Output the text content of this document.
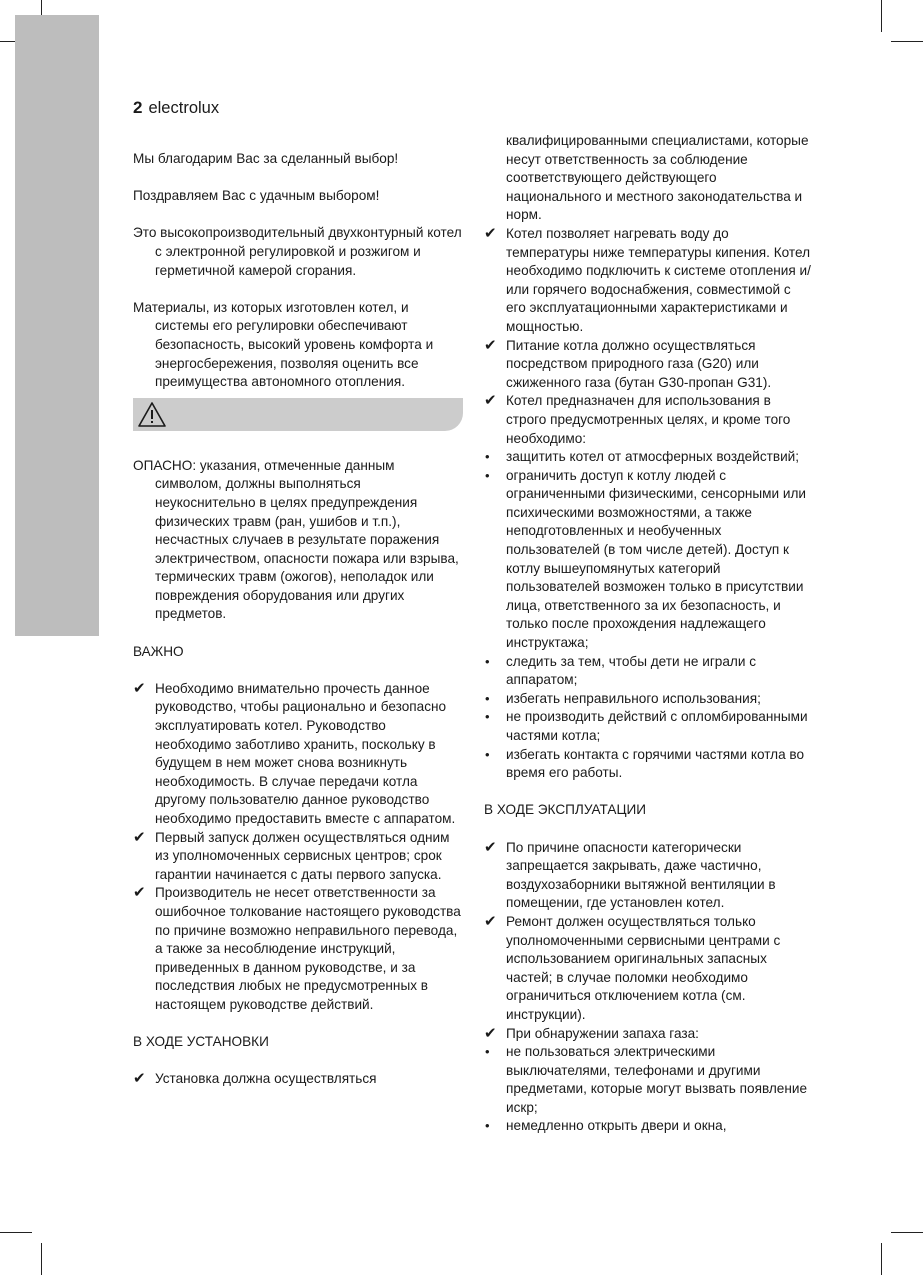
2 electrolux

Мы благодарим Вас за сделанный выбор!

Поздравляем Вас с удачным выбором!

Это высокопроизводительный двухконтурный котел с электронной регулировкой и розжигом и герметичной камерой сгорания.

Материалы, из которых изготовлен котел, и системы его регулировки обеспечивают безопасность, высокий уровень комфорта и энергосбережения, позволяя оценить все преимущества автономного отопления.

ОПАСНО: указания, отмеченные данным символом, должны выполняться неукоснительно в целях предупреждения физических травм (ран, ушибов и т.п.), несчастных случаев в результате поражения электричеством, опасности пожара или взрыва, термических травм (ожогов), неполадок или повреждения оборудования или других предметов.

ВАЖНО

✔ Необходимо внимательно прочесть данное руководство, чтобы рационально и безопасно эксплуатировать котел. Руководство необходимо заботливо хранить, поскольку в будущем в нем может снова возникнуть необходимость. В случае передачи котла другому пользователю данное руководство необходимо предоставить вместе с аппаратом.
✔ Первый запуск должен осуществляться одним из уполномоченных сервисных центров; срок гарантии начинается с даты первого запуска.
✔ Производитель не несет ответственности за ошибочное толкование настоящего руководства по причине возможно неправильного перевода, а также за несоблюдение инструкций, приведенных в данном руководстве, и за последствия любых не предусмотренных в настоящем руководстве действий.

В ХОДЕ УСТАНОВКИ

✔ Установка должна осуществляться
квалифицированными специалистами, которые несут ответственность за соблюдение соответствующего действующего национального и местного законодательства и норм.
✔ Котел позволяет нагревать воду до температуры ниже температуры кипения. Котел необходимо подключить к системе отопления и/или горячего водоснабжения, совместимой с его эксплуатационными характеристиками и мощностью.
✔ Питание котла должно осуществляться посредством природного газа (G20) или сжиженного газа (бутан G30-пропан G31).
✔ Котел предназначен для использования в строго предусмотренных целях, и кроме того необходимо:
•	защитить котел от атмосферных воздействий;
•	ограничить доступ к котлу людей с ограниченными физическими, сенсорными или психическими возможностями, а также неподготовленных и необученных пользователей (в том числе детей). Доступ к котлу вышеупомянутых категорий пользователей возможен только в присутствии лица, ответственного за их безопасность, и только после прохождения надлежащего инструктажа;
•	следить за тем, чтобы дети не играли с аппаратом;
•	избегать неправильного использования;
•	не производить действий с опломбированными частями котла;
•	избегать контакта с горячими частями котла во время его работы.

В ХОДЕ ЭКСПЛУАТАЦИИ

✔ По причине опасности категорически запрещается закрывать, даже частично, воздухозаборники вытяжной вентиляции в помещении, где установлен котел.
✔ Ремонт должен осуществляться только уполномоченными сервисными центрами с использованием оригинальных запасных частей; в случае поломки необходимо ограничиться отключением котла (см. инструкции).
✔ При обнаружении запаха газа:
•	не пользоваться электрическими выключателями, телефонами и другими предметами, которые могут вызвать появление искр;
•	немедленно открыть двери и окна,
